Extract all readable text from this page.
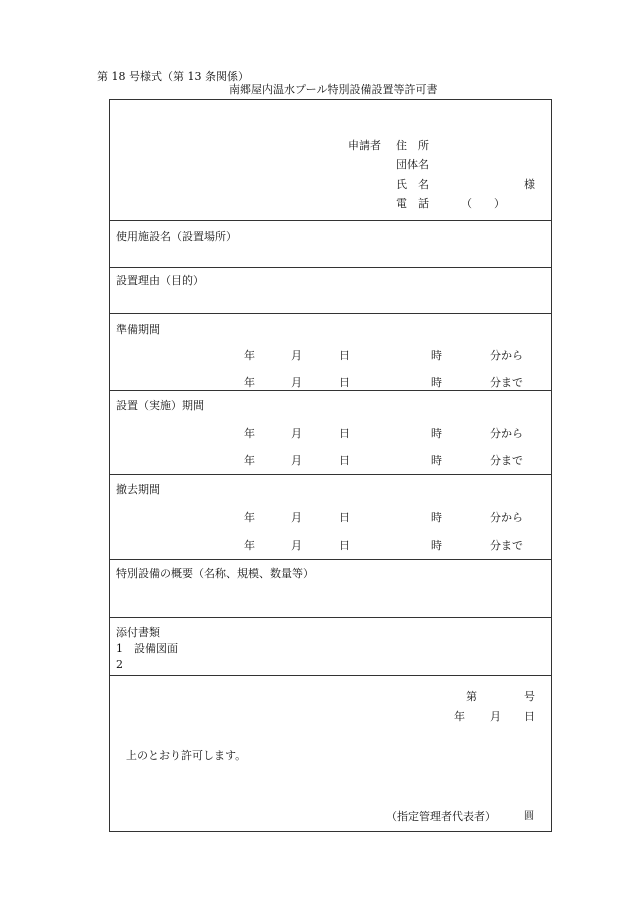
第 18 号様式（第 13 条関係）
南郷屋内温水プール特別設備設置等許可書
申請者 住　所
団体名
氏　名	様
電　話	（　　）
使用施設名（設置場所）
設置理由（目的）
準備期間
年	月	日	時	分から
年	月	日	時	分まで
設置（実施）期間
年	月	日	時	分から
年	月	日	時	分まで
撤去期間
年	月	日	時	分から
年	月	日	時	分まで
特別設備の概要（名称、規模、数量等）
添付書類
1　設備図面
2
第	号
年 月 日
上のとおり許可します。
（指定管理者代表者）	圓
